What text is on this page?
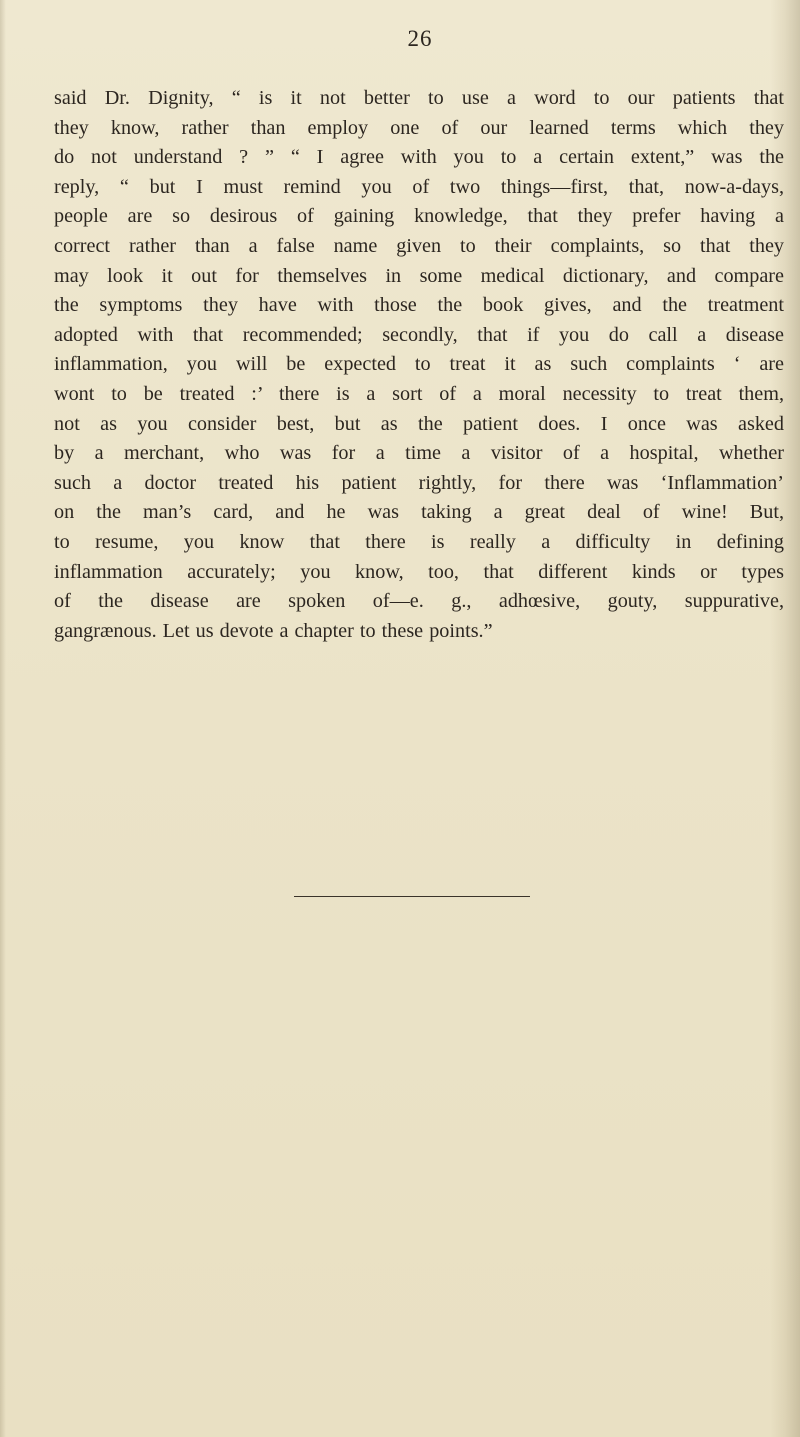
26
said Dr. Dignity, “ is it not better to use a word to our patients that
they know, rather than employ one of our learned terms which they
do not understand ? ” “ I agree with you to a certain extent,” was the
reply, “ but I must remind you of two things—first, that, now-a-days,
people are so desirous of gaining knowledge, that they prefer having a
correct rather than a false name given to their complaints, so that they
may look it out for themselves in some medical dictionary, and compare
the symptoms they have with those the book gives, and the treatment
adopted with that recommended; secondly, that if you do call a disease
inflammation, you will be expected to treat it as such complaints ‘ are
wont to be treated :’ there is a sort of a moral necessity to treat them,
not as you consider best, but as the patient does. I once was asked
by a merchant, who was for a time a visitor of a hospital, whether
such a doctor treated his patient rightly, for there was ‘Inflammation’
on the man’s card, and he was taking a great deal of wine! But,
to resume, you know that there is really a difficulty in defining
inflammation accurately; you know, too, that different kinds or types
of the disease are spoken of—e. g., adhœsive, gouty, suppurative,
gangrænous. Let us devote a chapter to these points.”
